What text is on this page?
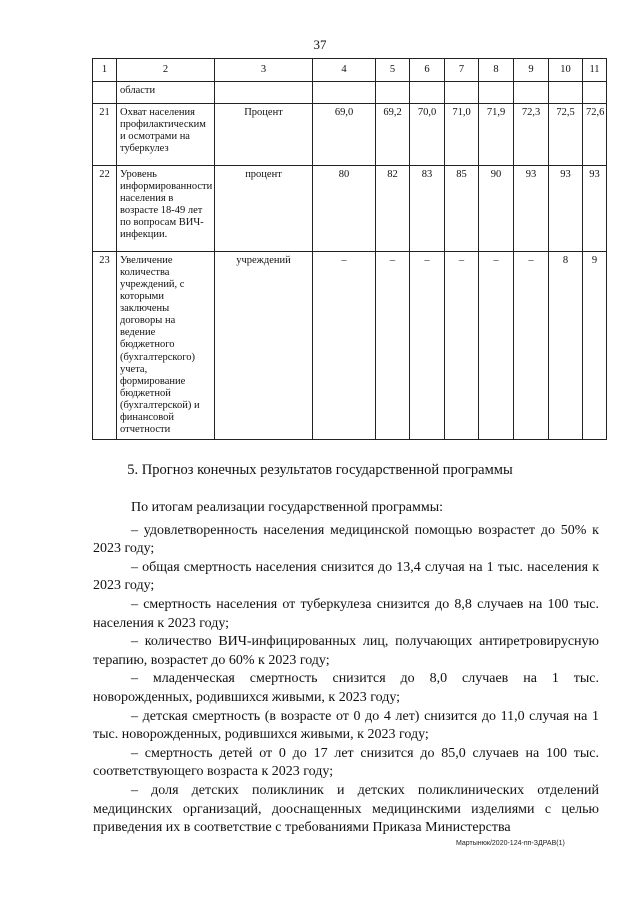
37
1	2	3	4	5	6	7	8	9	10	11
	области									
21	Охват населения профилактическим и осмотрами на туберкулез	Процент	69,0	69,2	70,0	71,0	71,9	72,3	72,5	72,6
22	Уровень информированности населения в возрасте 18-49 лет по вопросам ВИЧ-инфекции.	процент	80	82	83	85	90	93	93	93
23	Увеличение количества учреждений, с которыми заключены договоры на ведение бюджетного (бухгалтерского) учета, формирование бюджетной (бухгалтерской) и финансовой отчетности	учреждений	–	–	–	–	–	–	8	9
5. Прогноз конечных результатов государственной программы

По итогам реализации государственной программы:

– удовлетворенность населения медицинской помощью возрастет до 50% к 2023 году;

– общая смертность населения снизится до 13,4 случая на 1 тыс. населения к 2023 году;

– смертность населения от туберкулеза снизится до 8,8 случаев на 100 тыс. населения к 2023 году;

– количество ВИЧ-инфицированных лиц, получающих антиретровирусную терапию, возрастет до 60% к 2023 году;

– младенческая смертность снизится до 8,0 случаев на 1 тыс. новорожденных, родившихся живыми, к 2023 году;

– детская смертность (в возрасте от 0 до 4 лет) снизится до 11,0 случая на 1 тыс. новорожденных, родившихся живыми, к 2023 году;

– смертность детей от 0 до 17 лет снизится до 85,0 случаев на 100 тыс. соответствующего возраста к 2023 году;

– доля детских поликлиник и детских поликлинических отделений медицинских организаций, дооснащенных медицинскими изделиями с целью приведения их в соответствие с требованиями Приказа Министерства

Мартынюк/2020-124-пп-ЗДРАВ(1)
